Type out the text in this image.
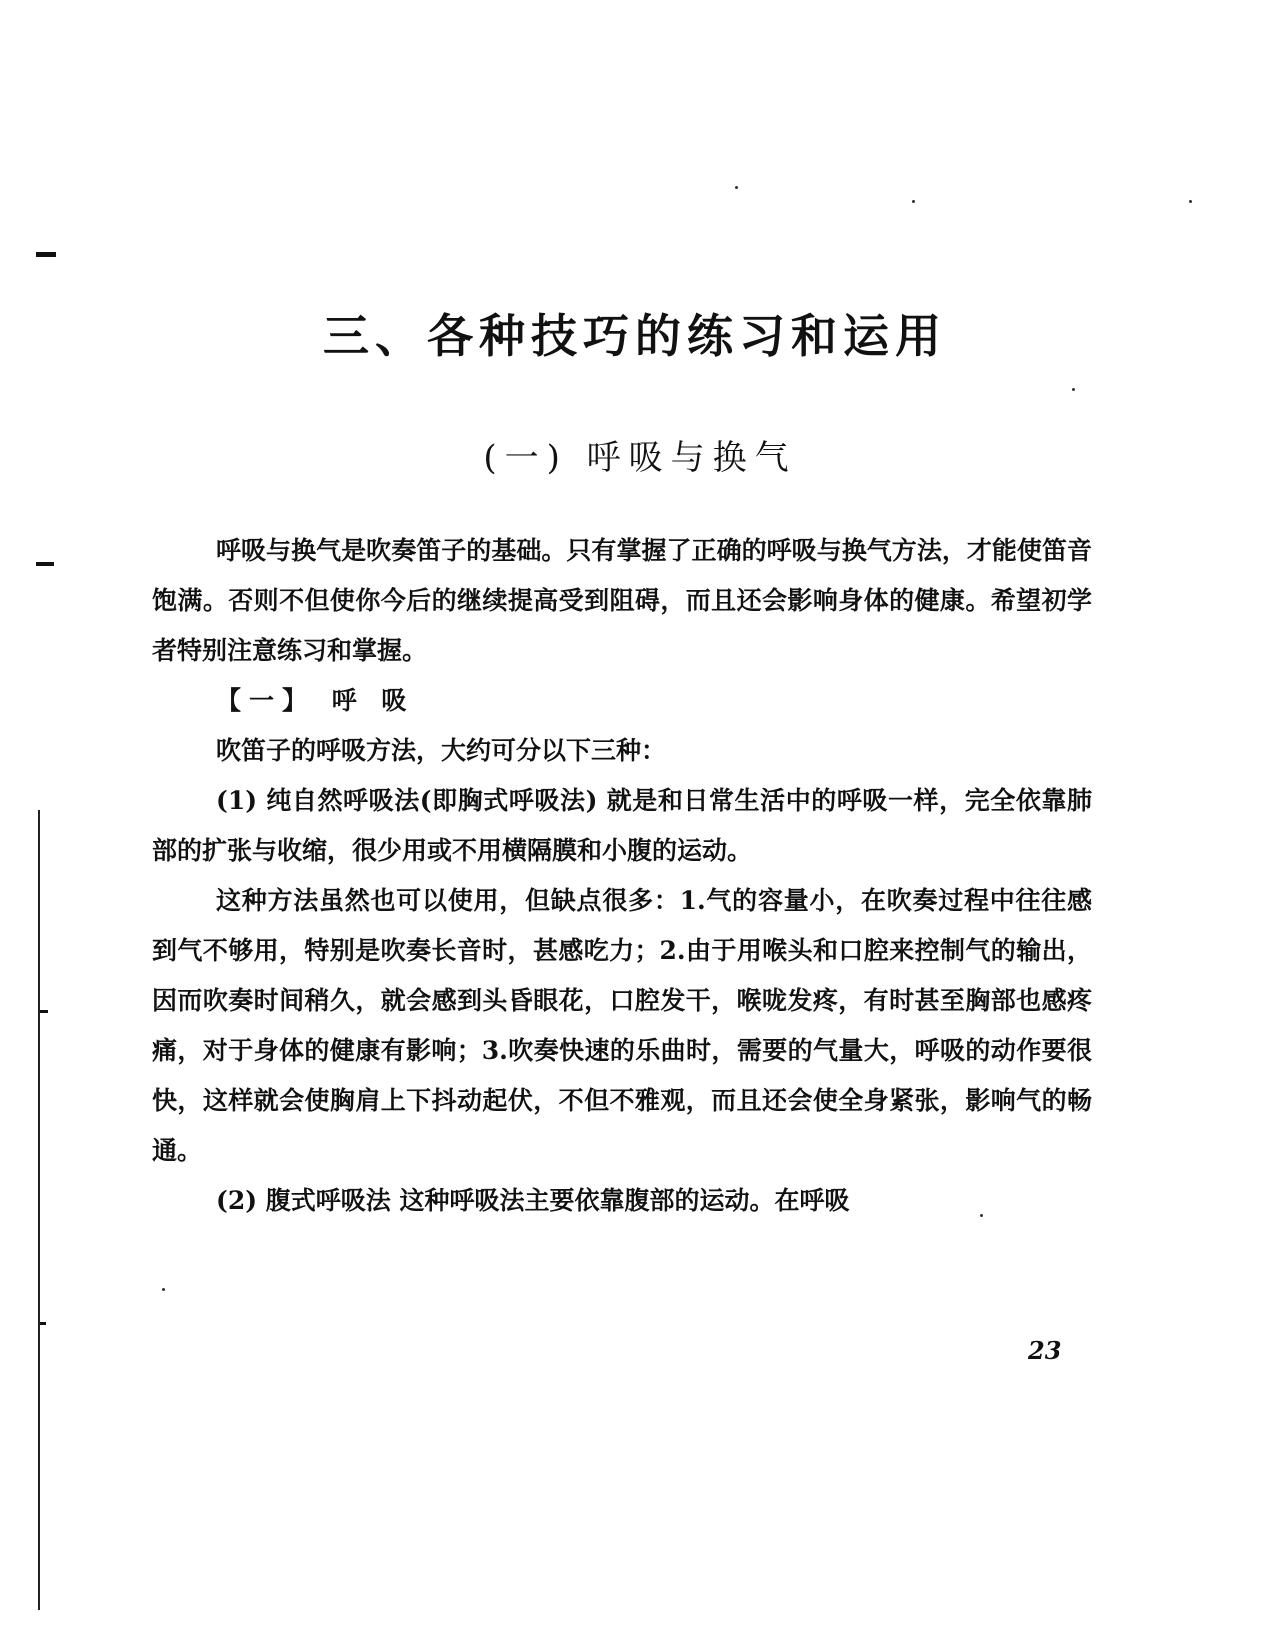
三、各种技巧的练习和运用
(一) 呼吸与换气

呼吸与换气是吹奏笛子的基础。只有掌握了正确的呼吸与换气方法，才能使笛音饱满。否则不但使你今后的继续提高受到阻碍，而且还会影响身体的健康。希望初学者特别注意练习和掌握。

【一】 呼 吸

吹笛子的呼吸方法，大约可分以下三种：

(1) 纯自然呼吸法(即胸式呼吸法) 就是和日常生活中的呼吸一样，完全依靠肺部的扩张与收缩，很少用或不用横隔膜和小腹的运动。

这种方法虽然也可以使用，但缺点很多：1.气的容量小，在吹奏过程中往往感到气不够用，特别是吹奏长音时，甚感吃力；2.由于用喉头和口腔来控制气的输出，因而吹奏时间稍久，就会感到头昏眼花，口腔发干，喉咙发疼，有时甚至胸部也感疼痛，对于身体的健康有影响；3.吹奏快速的乐曲时，需要的气量大，呼吸的动作要很快，这样就会使胸肩上下抖动起伏，不但不雅观，而且还会使全身紧张，影响气的畅通。

(2) 腹式呼吸法 这种呼吸法主要依靠腹部的运动。在呼吸

23
